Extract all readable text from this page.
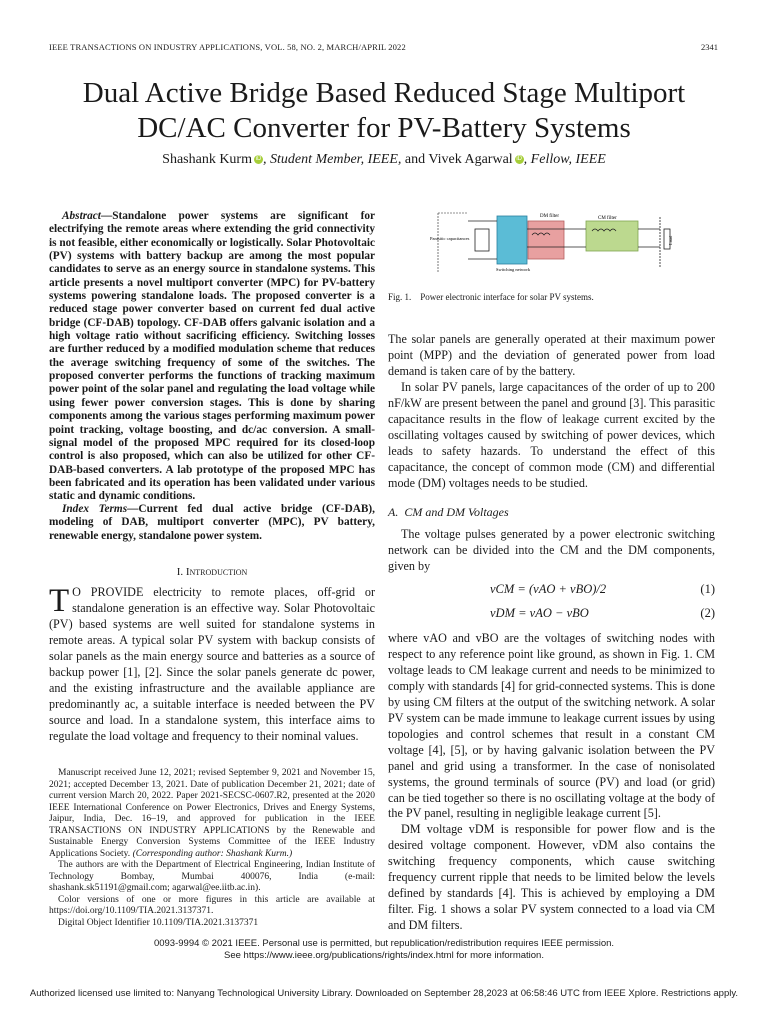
IEEE TRANSACTIONS ON INDUSTRY APPLICATIONS, VOL. 58, NO. 2, MARCH/APRIL 2022	2341
Dual Active Bridge Based Reduced Stage Multiport
DC/AC Converter for PV-Battery Systems
Shashank Kurm iD , Student Member, IEEE, and Vivek Agarwal iD , Fellow, IEEE
Abstract—Standalone power systems are significant for electrifying the remote areas where extending the grid connectivity is not feasible, either economically or logistically. Solar Photovoltaic (PV) systems with battery backup are among the most popular candidates to serve as an energy source in standalone systems. This article presents a novel multiport converter (MPC) for PV-battery systems powering standalone loads. The proposed converter is a reduced stage power converter based on current fed dual active bridge (CF-DAB) topology. CF-DAB offers galvanic isolation and a high voltage ratio without sacrificing efficiency. Switching losses are further reduced by a modified modulation scheme that reduces the average switching frequency of some of the switches. The proposed converter performs the functions of tracking maximum power point of the solar panel and regulating the load voltage while using fewer power conversion stages. This is done by sharing components among the various stages performing maximum power point tracking, voltage boosting, and dc/ac conversion. A small-signal model of the proposed MPC required for its closed-loop control is also proposed, which can also be utilized for other CF-DAB-based converters. A lab prototype of the proposed MPC has been fabricated and its operation has been validated under various static and dynamic conditions.
Index Terms—Current fed dual active bridge (CF-DAB), modeling of DAB, multiport converter (MPC), PV battery, renewable energy, standalone power system.
I. Introduction
T O PROVIDE electricity to remote places, off-grid or standalone generation is an effective way. Solar Photovoltaic (PV) based systems are well suited for standalone systems in remote areas. A typical solar PV system with backup consists of solar panels as the main energy source and batteries as a source of backup power [1], [2]. Since the solar panels generate dc power, and the existing infrastructure and the available appliance are predominantly ac, a suitable interface is needed between the PV source and load. In a standalone system, this interface aims to regulate the load voltage and frequency to their nominal values.

Manuscript received June 12, 2021; revised September 9, 2021 and November 15, 2021; accepted December 13, 2021. Date of publication December 21, 2021; date of current version March 20, 2022. Paper 2021-SECSC-0607.R2, presented at the 2020 IEEE International Conference on Power Electronics, Drives and Energy Systems, Jaipur, India, Dec. 16–19, and approved for publication in the IEEE TRANSACTIONS ON INDUSTRY APPLICATIONS by the Renewable and Sustainable Energy Conversion Systems Committee of the IEEE Industry Applications Society. (Corresponding author: Shashank Kurm.)

The authors are with the Department of Electrical Engineering, Indian Institute of Technology Bombay, Mumbai 400076, India (e-mail: shashank.sk51191@gmail.com; agarwal@ee.iitb.ac.in).

Color versions of one or more figures in this article are available at https://doi.org/10.1109/TIA.2021.3137371.

Digital Object Identifier 10.1109/TIA.2021.3137371

DM filter	CM filter
Parasitic capacitances
Switching network
Load
Fig. 1. Power electronic interface for solar PV systems.

The solar panels are generally operated at their maximum power point (MPP) and the deviation of generated power from load demand is taken care of by the battery.

In solar PV panels, large capacitances of the order of up to 200 nF/kW are present between the panel and ground [3]. This parasitic capacitance results in the flow of leakage current excited by the oscillating voltages caused by switching of power devices, which leads to safety hazards. To understand the effect of this capacitance, the concept of common mode (CM) and differential mode (DM) voltages needs to be studied.

A. CM and DM Voltages

The voltage pulses generated by a power electronic switching network can be divided into the CM and the DM components, given by

vCM = (vAO + vBO)/2	(1)
vDM = vAO − vBO	(2)

where vAO and vBO are the voltages of switching nodes with respect to any reference point like ground, as shown in Fig. 1. CM voltage leads to CM leakage current and needs to be minimized to comply with standards [4] for grid-connected systems. This is done by using CM filters at the output of the switching network. A solar PV system can be made immune to leakage current issues by using topologies and control schemes that result in a constant CM voltage [4], [5], or by having galvanic isolation between the PV panel and grid using a transformer. In the case of nonisolated systems, the ground terminals of source (PV) and load (or grid) can be tied together so there is no oscillating voltage at the body of the PV panel, resulting in negligible leakage current [5].

DM voltage vDM is responsible for power flow and is the desired voltage component. However, vDM also contains the switching frequency components, which cause switching frequency current ripple that needs to be limited below the levels defined by standards [4]. This is achieved by employing a DM filter. Fig. 1 shows a solar PV system connected to a load via CM and DM filters.

0093-9994 © 2021 IEEE. Personal use is permitted, but republication/redistribution requires IEEE permission.
See https://www.ieee.org/publications/rights/index.html for more information.
Authorized licensed use limited to: Nanyang Technological University Library. Downloaded on September 28,2023 at 06:58:46 UTC from IEEE Xplore. Restrictions apply.
